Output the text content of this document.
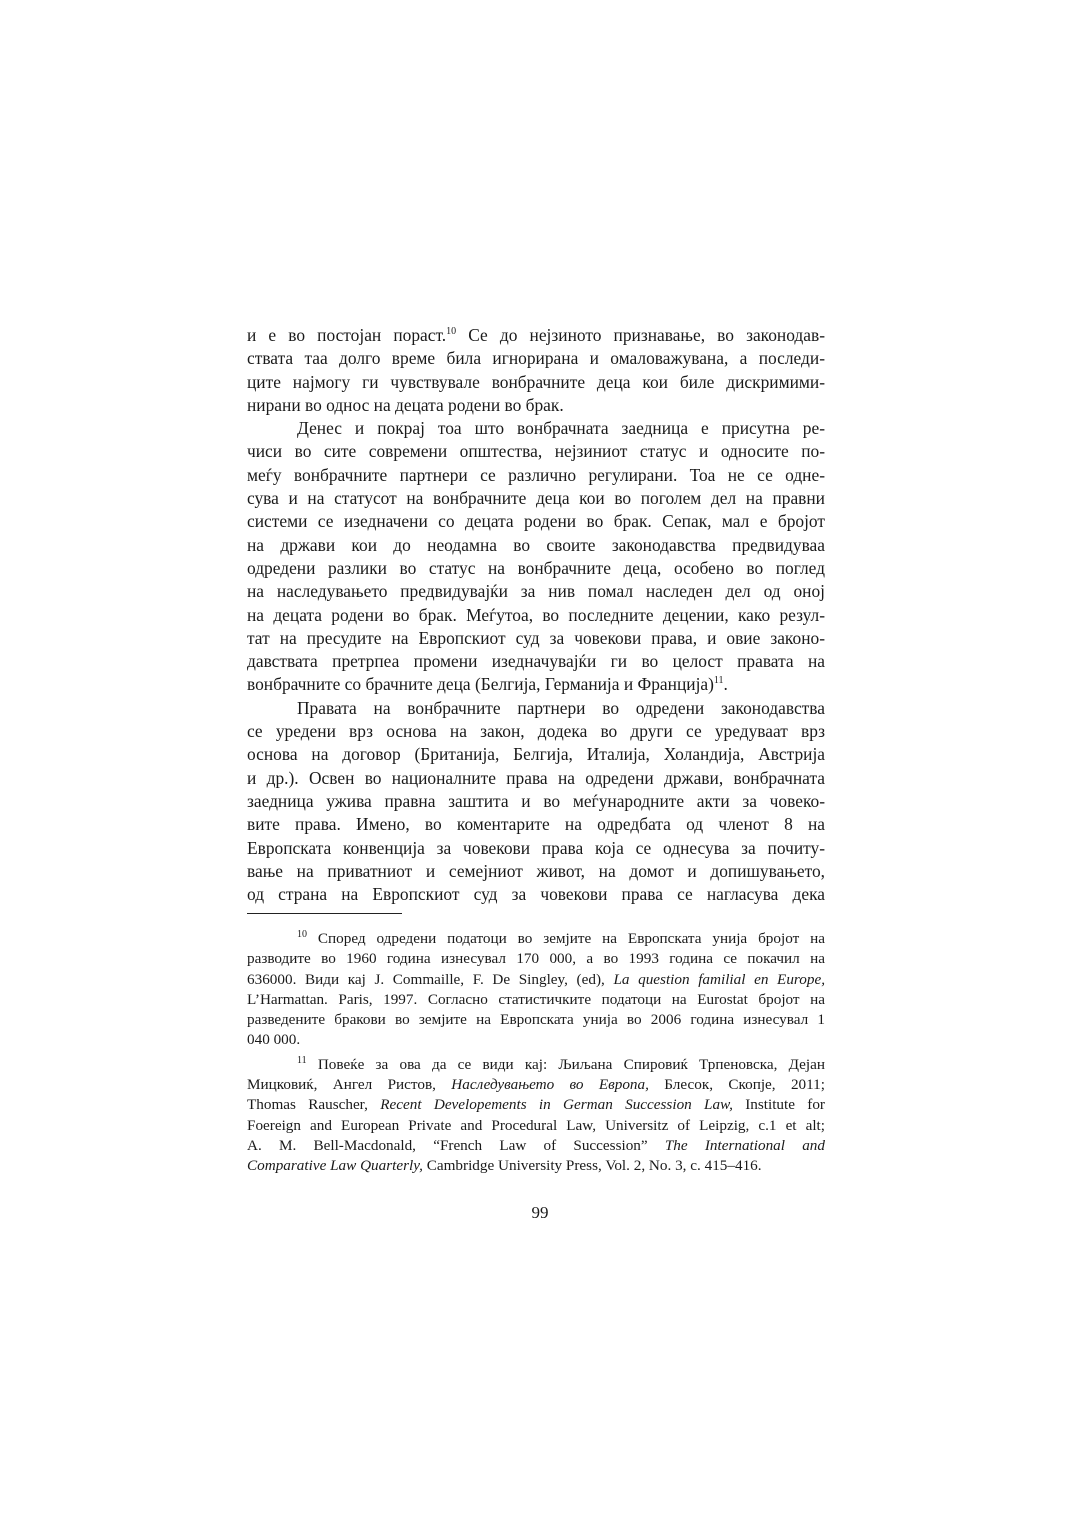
и е во постојан пораст.$^{10}$ Се до нејзиното признавање, во законодав-
ствата таа долго време била игнорирана и омаловажувана, а последи-
ците најмогу ги чувствувале вонбрачните деца кои биле дискримими-
нирани во однос на децата родени во брак.
Денес и покрај тоа што вонбрачната заедница е присутна ре-
чиси во сите современи општества, нејзиниот статус и односите по-
меѓу вонбрачните партнери се различно регулирани. Тоа не се однe-
сува и на статусот на вонбрачните деца кои во поголем дел на правни
системи се изедначени со децата родени во брак. Сепак, мал е бројот
на држави кои до неодамна во своите законодавства предвидуваа
одредени разлики во статус на вонбрачните деца, особено во поглед
на наследувањето предвидувајќи за нив помал наследен дел од оној
на децата родени во брак. Меѓутоа, во последните децении, како резул-
тат на пресудите на Европскиот суд за човекови права, и овие законо-
давствата претрпеа промени изедначувајќи ги во целост правата на
вонбрачните со брачните деца (Белгија, Германија и Франција)$^{11}$.
Правата на вонбрачните партнери во одредени законодавства
се уредени врз основа на закон, додека во други се уредуваат врз
основа на договор (Британија, Белгија, Италија, Холандија, Австрија
и др.). Освен во националните права на одредени држави, вонбрачната
заедница ужива правна заштита и во меѓународните акти за човеко-
вите права. Имено, во коментарите на одредбата од членот 8 на
Европската конвенција за човекови права која се однесува за почиту-
вање на приватниот и семејниот живот, на домот и допишувањето,
од страна на Европскиот суд за човекови права се нагласува дека
$^{10}$ Според одредени податоци во земјите на Европската унија бројот на
разводите во 1960 година изнесувал 170 000, а во 1993 година се покачил на
636000. Види кај J. Commaille, F. De Singley, (ed), La question familial en Europe,
L’Harmattan. Paris, 1997. Согласно статистичките податоци на Eurostat бројот на
разведените бракови во земјите на Европската унија во 2006 година изнесувал 1
040 000.
$^{11}$ Повеќе за ова да се види кај: Љиљана Спировиќ Трпеновска, Дејан
Мицковиќ, Ангел Ристов, Наследувањето во Европа, Блесок, Скопје, 2011;
Thomas Rauscher, Recent Developements in German Succession Law, Institute for
Foereign and European Private and Procedural Law, Universitz of Leipzig, c.1 et alt;
A. M. Bell-Macdonald, “French Law of Succession” The International and
Comparative Law Quarterly, Cambridge University Press, Vol. 2, No. 3, c. 415–416.
99
